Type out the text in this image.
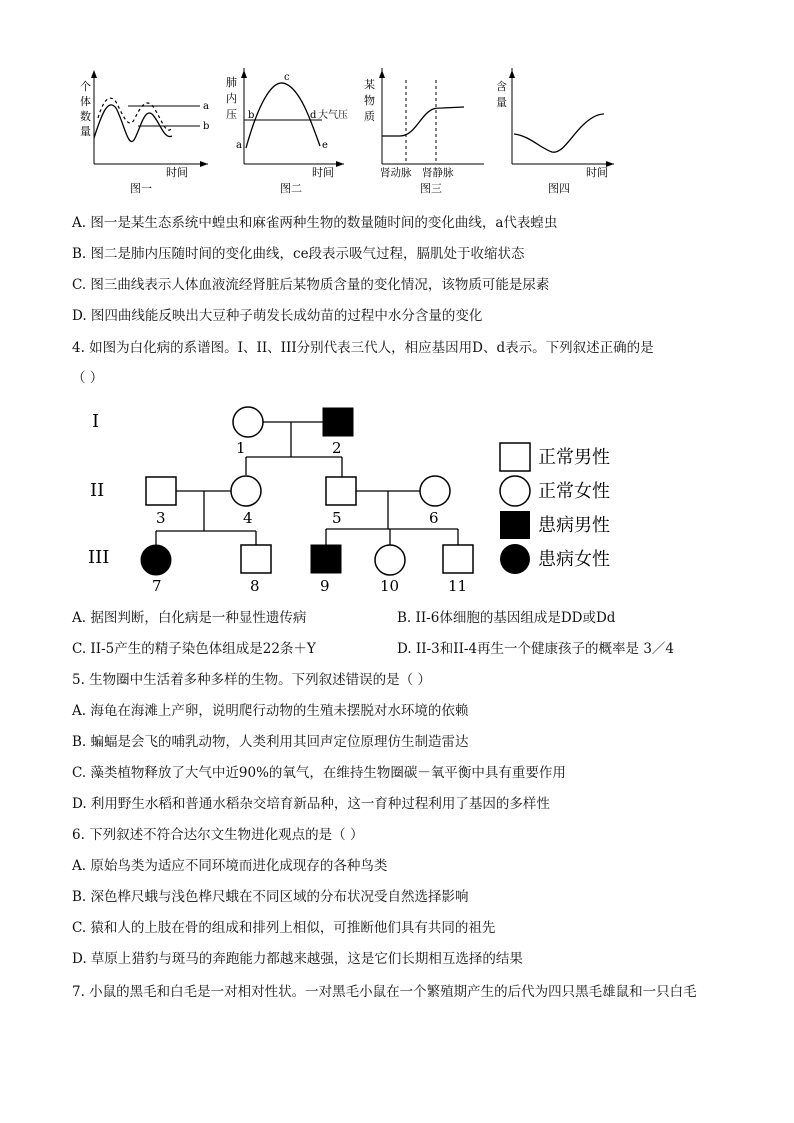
a
b
个
体
数
量
时间
图一
a
b
c
d
e
大气压
肺
内
压
时间
图二
某
物
质
肾动脉 肾静脉
图三
含
量
时间
图四
A. 图一是某生态系统中蝗虫和麻雀两种生物的数量随时间的变化曲线，a代表蝗虫
B. 图二是肺内压随时间的变化曲线，ce段表示吸气过程，膈肌处于收缩状态
C. 图三曲线表示人体血液流经肾脏后某物质含量的变化情况，该物质可能是尿素
D. 图四曲线能反映出大豆种子萌发长成幼苗的过程中水分含量的变化
4. 如图为白化病的系谱图。I、II、III分别代表三代人，相应基因用D、d表示。下列叙述正确的是
（ ）
I
II
III
1	2
3	4	5	6
7	8	9	10	11
正常男性
正常女性
患病男性
患病女性
A. 据图判断，白化病是一种显性遗传病	B. II-6体细胞的基因组成是DD或Dd
C. II-5产生的精子染色体组成是22条＋Y	D. II-3和II-4再生一个健康孩子的概率是 3／4
5. 生物圈中生活着多种多样的生物。下列叙述错误的是（ ）
A. 海龟在海滩上产卵，说明爬行动物的生殖未摆脱对水环境的依赖
B. 蝙蝠是会飞的哺乳动物，人类利用其回声定位原理仿生制造雷达
C. 藻类植物释放了大气中近90%的氧气，在维持生物圈碳－氧平衡中具有重要作用
D. 利用野生水稻和普通水稻杂交培育新品种，这一育种过程利用了基因的多样性
6. 下列叙述不符合达尔文生物进化观点的是（ ）
A. 原始鸟类为适应不同环境而进化成现存的各种鸟类
B. 深色桦尺蛾与浅色桦尺蛾在不同区域的分布状况受自然选择影响
C. 猿和人的上肢在骨的组成和排列上相似，可推断他们具有共同的祖先
D. 草原上猎豹与斑马的奔跑能力都越来越强，这是它们长期相互选择的结果
7. 小鼠的黑毛和白毛是一对相对性状。一对黑毛小鼠在一个繁殖期产生的后代为四只黑毛雄鼠和一只白毛
